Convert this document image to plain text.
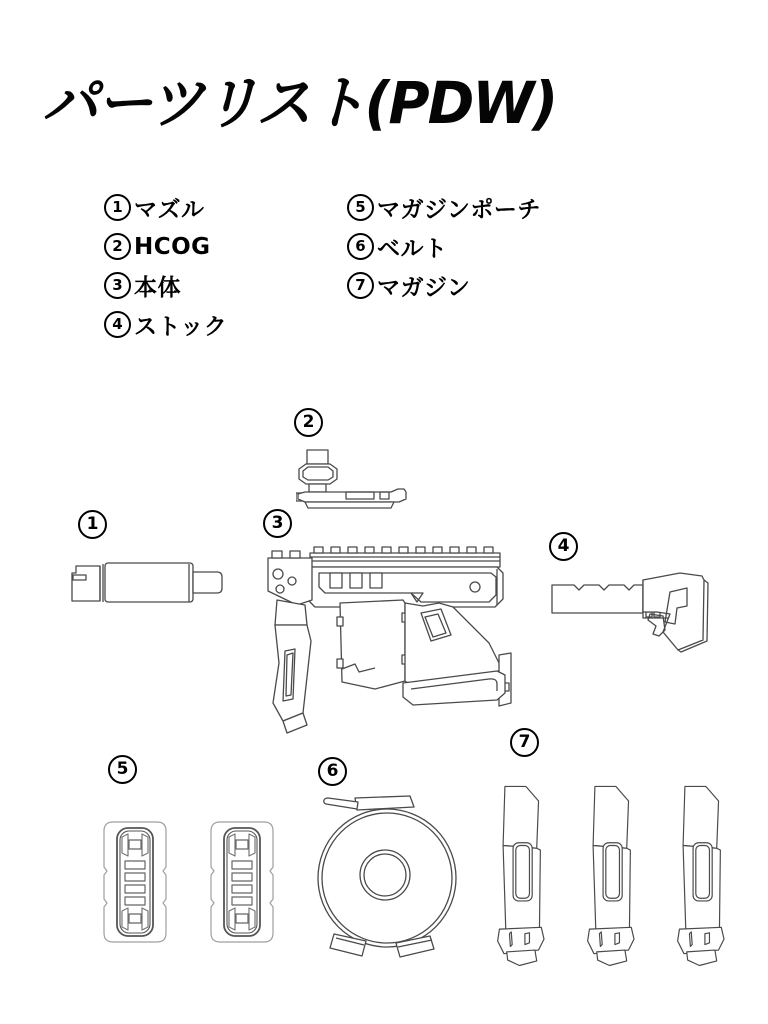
パーツリスト(PDW)
1 マズル
2 HCOG
3 本体
4 ストック
5 マガジンポーチ
6 ベルト
7 マガジン
2
1	3
4
5	6
7
